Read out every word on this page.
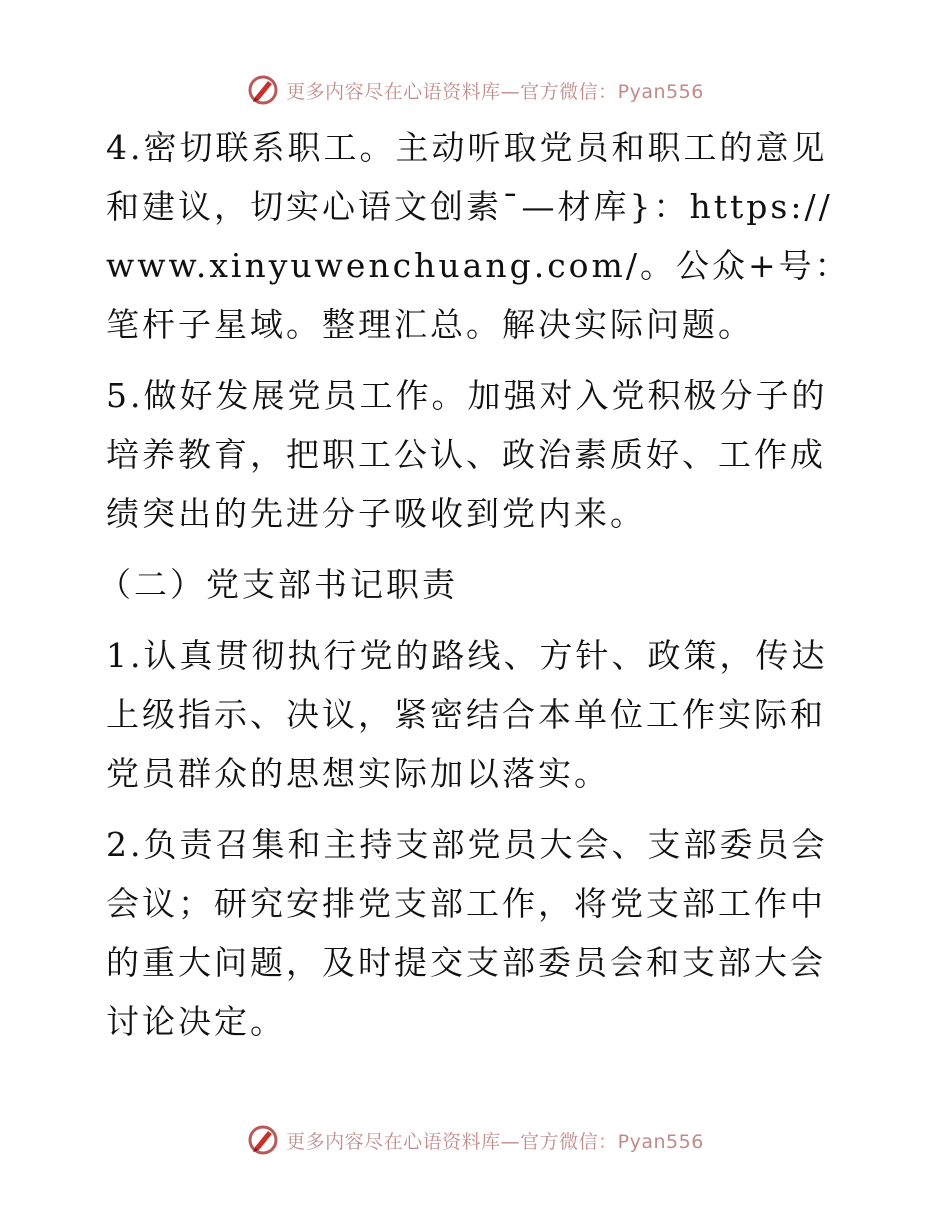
更多内容尽在心语资料库—官方微信：Pyan556

4.密切联系职工。主动听取党员和职工的意见和建议，切实心语文创素¯—材库}：https://www.xinyuwenchuang.com/。公众+号：笔杆子星域。整理汇总。解决实际问题。

5.做好发展党员工作。加强对入党积极分子的培养教育，把职工公认、政治素质好、工作成绩突出的先进分子吸收到党内来。

（二）党支部书记职责

1.认真贯彻执行党的路线、方针、政策，传达上级指示、决议，紧密结合本单位工作实际和党员群众的思想实际加以落实。

2.负责召集和主持支部党员大会、支部委员会会议；研究安排党支部工作，将党支部工作中的重大问题，及时提交支部委员会和支部大会讨论决定。

更多内容尽在心语资料库—官方微信：Pyan556
